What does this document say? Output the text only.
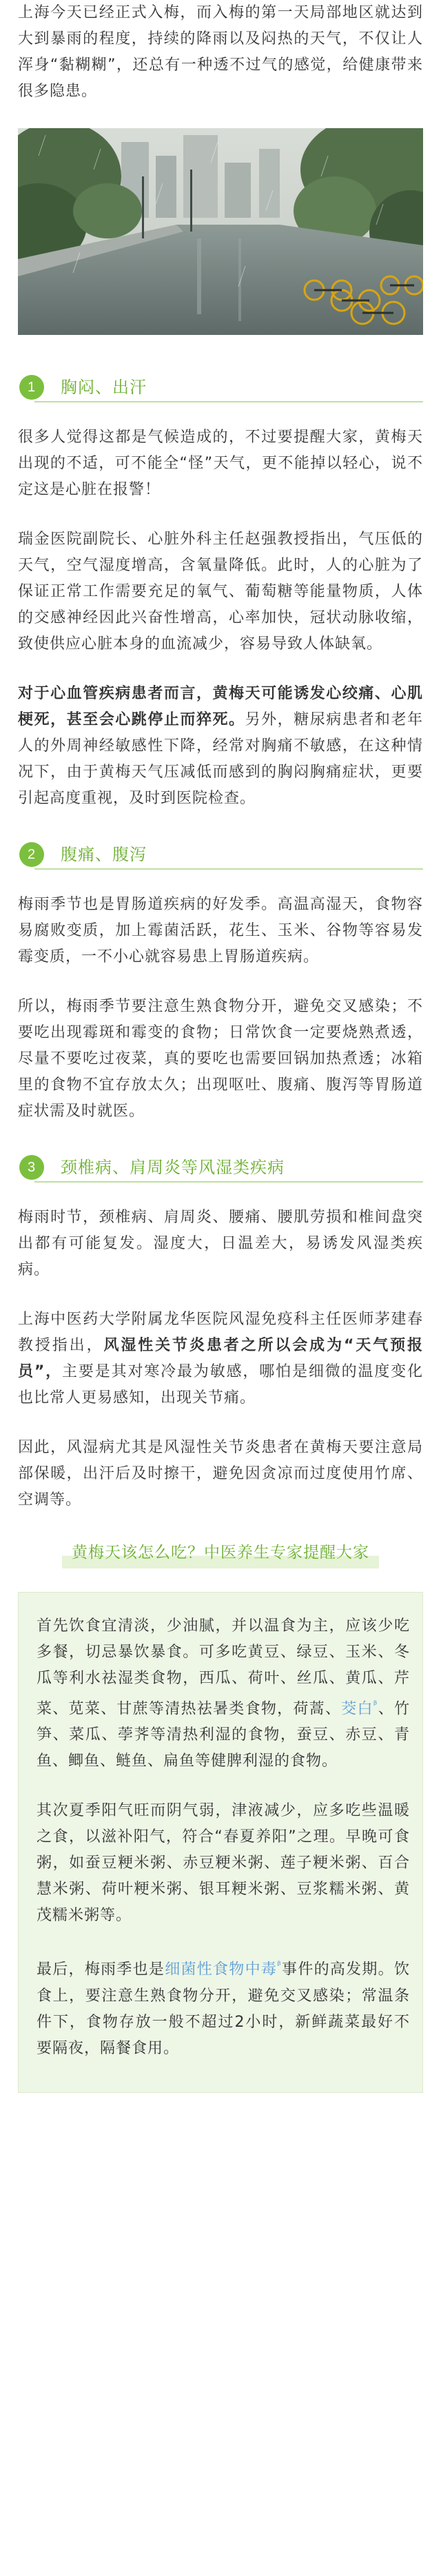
上海今天已经正式入梅，而入梅的第一天局部地区就达到大到暴雨的程度，持续的降雨以及闷热的天气，不仅让人浑身“黏糊糊”，还总有一种透不过气的感觉，给健康带来很多隐患。

1	胸闷、出汗

很多人觉得这都是气候造成的，不过要提醒大家，黄梅天出现的不适，可不能全“怪”天气，更不能掉以轻心，说不定这是心脏在报警！

瑞金医院副院长、心脏外科主任赵强教授指出，气压低的天气，空气湿度增高，含氧量降低。此时，人的心脏为了保证正常工作需要充足的氧气、葡萄糖等能量物质，人体的交感神经因此兴奋性增高，心率加快，冠状动脉收缩，致使供应心脏本身的血流减少，容易导致人体缺氧。

对于心血管疾病患者而言，黄梅天可能诱发心绞痛、心肌梗死，甚至会心跳停止而猝死。另外，糖尿病患者和老年人的外周神经敏感性下降，经常对胸痛不敏感，在这种情况下，由于黄梅天气压减低而感到的胸闷胸痛症状，更要引起高度重视，及时到医院检查。

2	腹痛、腹泻

梅雨季节也是胃肠道疾病的好发季。高温高湿天，食物容易腐败变质，加上霉菌活跃，花生、玉米、谷物等容易发霉变质，一不小心就容易患上胃肠道疾病。

所以，梅雨季节要注意生熟食物分开，避免交叉感染；不要吃出现霉斑和霉变的食物；日常饮食一定要烧熟煮透，尽量不要吃过夜菜，真的要吃也需要回锅加热煮透；冰箱里的食物不宜存放太久；出现呕吐、腹痛、腹泻等胃肠道症状需及时就医。

3	颈椎病、肩周炎等风湿类疾病

梅雨时节，颈椎病、肩周炎、腰痛、腰肌劳损和椎间盘突出都有可能复发。湿度大，日温差大，易诱发风湿类疾病。

上海中医药大学附属龙华医院风湿免疫科主任医师茅建春教授指出，风湿性关节炎患者之所以会成为“天气预报员”，主要是其对寒冷最为敏感，哪怕是细微的温度变化也比常人更易感知，出现关节痛。

因此，风湿病尤其是风湿性关节炎患者在黄梅天要注意局部保暖，出汗后及时擦干，避免因贪凉而过度使用竹席、空调等。

黄梅天该怎么吃？中医养生专家提醒大家

首先饮食宜清淡，少油腻，并以温食为主，应该少吃多餐，切忌暴饮暴食。可多吃黄豆、绿豆、玉米、冬瓜等利水祛湿类食物，西瓜、荷叶、丝瓜、黄瓜、芹菜、苋菜、甘蔗等清热祛暑类食物，荷蒿、茭白$^ᵝ$、竹笋、菜瓜、荸荠等清热利湿的食物，蚕豆、赤豆、青鱼、鲫鱼、鲢鱼、扁鱼等健脾利湿的食物。

其次夏季阳气旺而阴气弱，津液减少，应多吃些温暖之食，以滋补阳气，符合“春夏养阳”之理。早晚可食粥，如蚕豆粳米粥、赤豆粳米粥、莲子粳米粥、百合慧米粥、荷叶粳米粥、银耳粳米粥、豆浆糯米粥、黄茂糯米粥等。

最后，梅雨季也是细菌性食物中毒$^ᵝ$事件的高发期。饮食上，要注意生熟食物分开，避免交叉感染；常温条件下，食物存放一般不超过2小时，新鲜蔬菜最好不要隔夜，隔餐食用。
